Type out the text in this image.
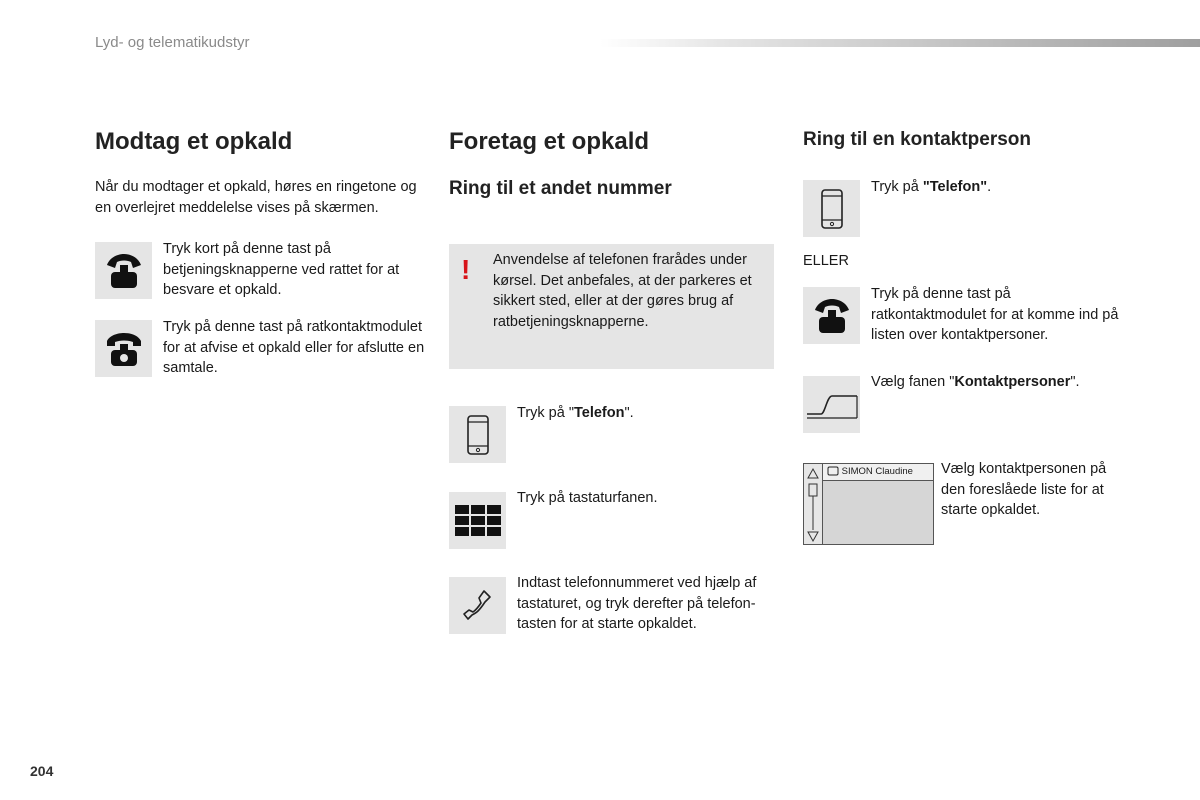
Lyd- og telematikudstyr
Modtag et opkald
Når du modtager et opkald, høres en ringetone og en overlejret meddelelse vises på skærmen.
Tryk kort på denne tast på betjeningsknapperne ved rattet for at besvare et opkald.
Tryk på denne tast på ratkontaktmodulet for at afvise et opkald eller for afslutte en samtale.
Foretag et opkald
Ring til et andet nummer
! Anvendelse af telefonen frarådes under kørsel. Det anbefales, at der parkeres et sikkert sted, eller at der gøres brug af ratbetjeningsknapperne.
Tryk på "Telefon".
Tryk på tastaturfanen.
Indtast telefonnummeret ved hjælp af tastaturet, og tryk derefter på telefon-tasten for at starte opkaldet.
Ring til en kontaktperson
Tryk på "Telefon".
ELLER
Tryk på denne tast på ratkontaktmodulet for at komme ind på listen over kontaktpersoner.
Vælg fanen "Kontaktpersoner".
SIMON Claudine	Vælg kontaktpersonen på den foreslåede liste for at starte opkaldet.
204
